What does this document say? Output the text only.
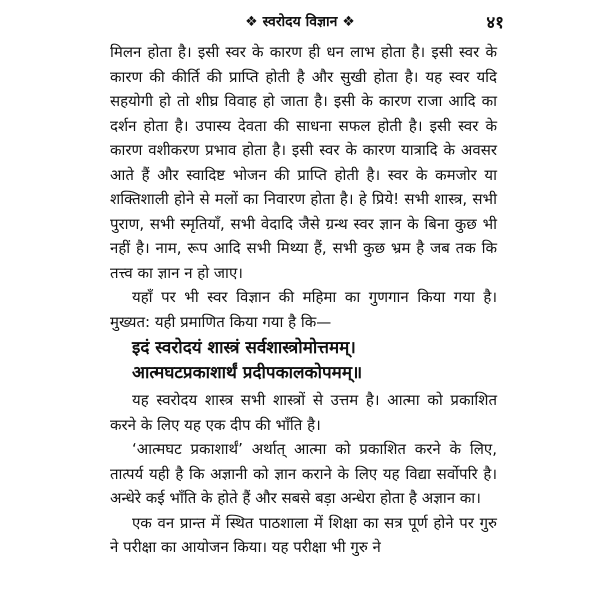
❖ स्वरोदय विज्ञान ❖	४१

मिलन होता है। इसी स्वर के कारण ही धन लाभ होता है। इसी स्वर के कारण की कीर्ति की प्राप्ति होती है और सुखी होता है। यह स्वर यदि सहयोगी हो तो शीघ्र विवाह हो जाता है। इसी के कारण राजा आदि का दर्शन होता है। उपास्य देवता की साधना सफल होती है। इसी स्वर के कारण वशीकरण प्रभाव होता है। इसी स्वर के कारण यात्रादि के अवसर आते हैं और स्वादिष्ट भोजन की प्राप्ति होती है। स्वर के कमजोर या शक्तिशाली होने से मलों का निवारण होता है। हे प्रिये! सभी शास्त्र, सभी पुराण, सभी स्मृतियाँ, सभी वेदादि जैसे ग्रन्थ स्वर ज्ञान के बिना कुछ भी नहीं है। नाम, रूप आदि सभी मिथ्या हैं, सभी कुछ भ्रम है जब तक कि तत्त्व का ज्ञान न हो जाए।

यहाँ पर भी स्वर विज्ञान की महिमा का गुणगान किया गया है। मुख्यत: यही प्रमाणित किया गया है कि—

इदं स्वरोदयं शास्त्रं सर्वशास्त्रोमोत्तमम्।
आत्मघटप्रकाशार्थं प्रदीपकालकोपमम्॥

यह स्वरोदय शास्त्र सभी शास्त्रों से उत्तम है। आत्मा को प्रकाशित करने के लिए यह एक दीप की भाँति है।

‘आत्मघट प्रकाशार्थं’ अर्थात् आत्मा को प्रकाशित करने के लिए, तात्पर्य यही है कि अज्ञानी को ज्ञान कराने के लिए यह विद्या सर्वोपरि है। अन्धेरे कई भाँति के होते हैं और सबसे बड़ा अन्धेरा होता है अज्ञान का।

एक वन प्रान्त में स्थित पाठशाला में शिक्षा का सत्र पूर्ण होने पर गुरु ने परीक्षा का आयोजन किया। यह परीक्षा भी गुरु ने
